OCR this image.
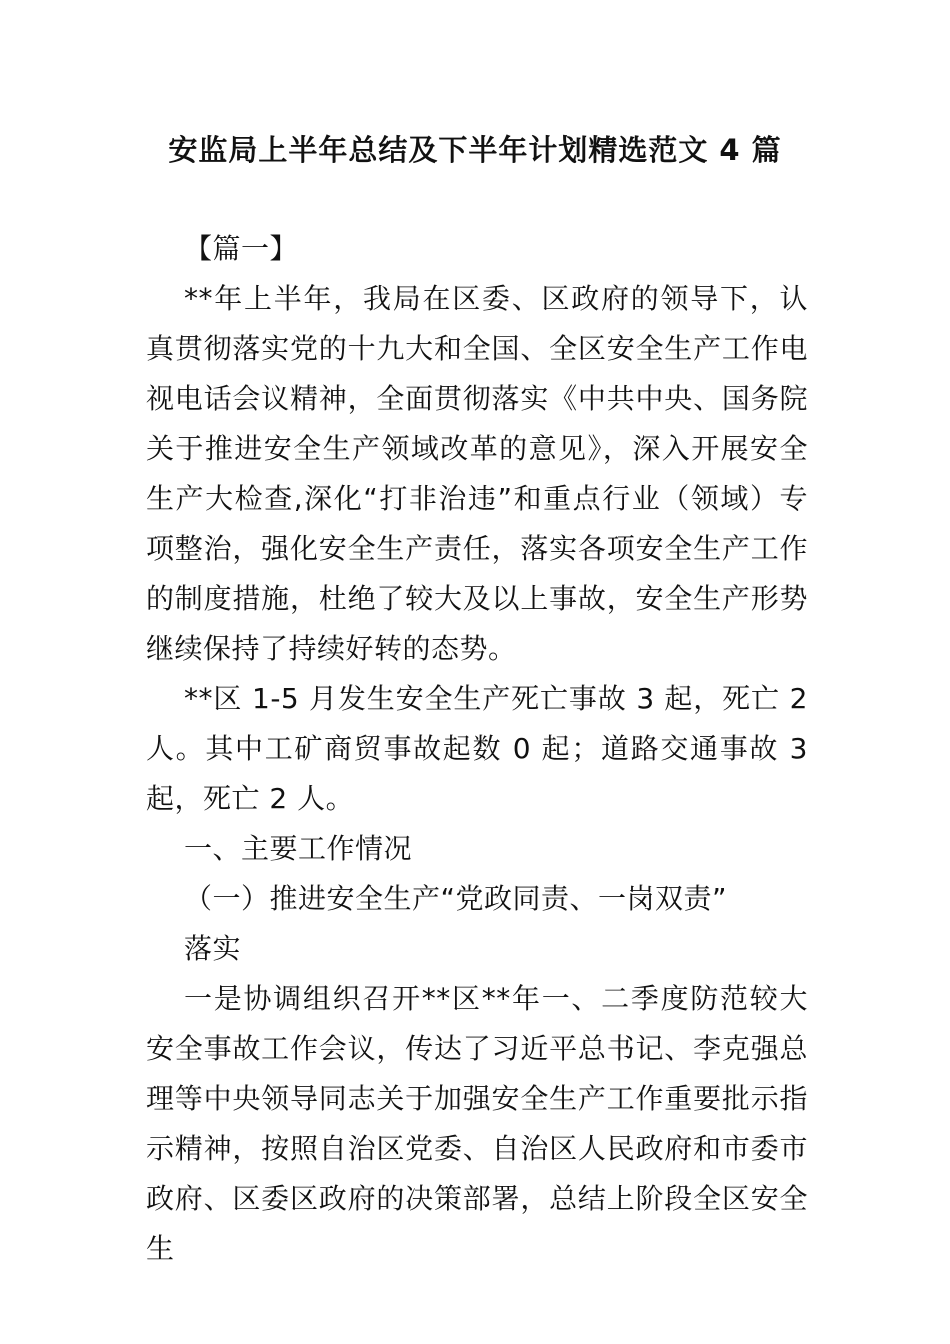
安监局上半年总结及下半年计划精选范文 4 篇

【篇一】

**年上半年，我局在区委、区政府的领导下，认真贯彻落实党的十九大和全国、全区安全生产工作电视电话会议精神，全面贯彻落实《中共中央、国务院关于推进安全生产领域改革的意见》，深入开展安全生产大检查,深化“打非治违”和重点行业（领域）专项整治，强化安全生产责任，落实各项安全生产工作的制度措施，杜绝了较大及以上事故，安全生产形势继续保持了持续好转的态势。

**区 1-5 月发生安全生产死亡事故 3 起，死亡 2 人。其中工矿商贸事故起数 0 起；道路交通事故 3 起，死亡 2 人。

一、主要工作情况

（一）推进安全生产“党政同责、一岗双责”

落实

一是协调组织召开**区**年一、二季度防范较大安全事故工作会议，传达了习近平总书记、李克强总理等中央领导同志关于加强安全生产工作重要批示指示精神，按照自治区党委、自治区人民政府和市委市政府、区委区政府的决策部署，总结上阶段全区安全生
